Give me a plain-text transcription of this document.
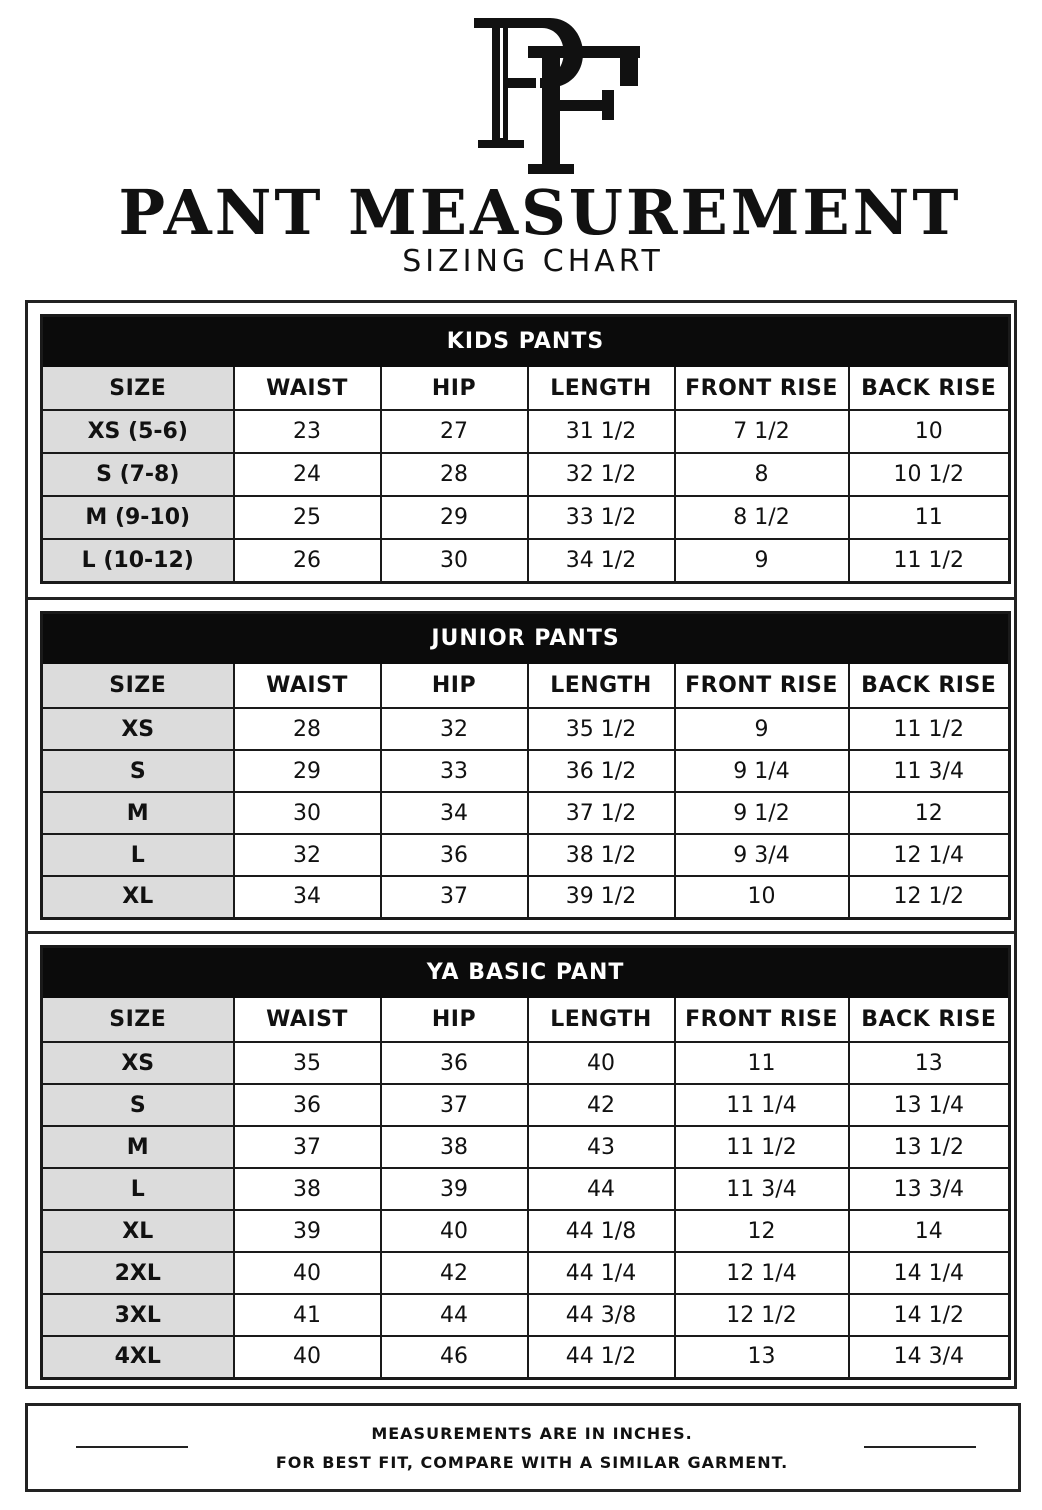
PANT MEASUREMENT
SIZING CHART
KIDS PANTS					
SIZE	WAIST	HIP	LENGTH	FRONT RISE	BACK RISE
XS (5-6)	23	27	31 1/2	7 1/2	10
S (7-8)	24	28	32 1/2	8	10 1/2
M (9-10)	25	29	33 1/2	8 1/2	11
L (10-12)	26	30	34 1/2	9	11 1/2
JUNIOR PANTS					
SIZE	WAIST	HIP	LENGTH	FRONT RISE	BACK RISE
XS	28	32	35 1/2	9	11 1/2
S	29	33	36 1/2	9 1/4	11 3/4
M	30	34	37 1/2	9 1/2	12
L	32	36	38 1/2	9 3/4	12 1/4
XL	34	37	39 1/2	10	12 1/2
YA BASIC PANT					
SIZE	WAIST	HIP	LENGTH	FRONT RISE	BACK RISE
XS	35	36	40	11	13
S	36	37	42	11 1/4	13 1/4
M	37	38	43	11 1/2	13 1/2
L	38	39	44	11 3/4	13 3/4
XL	39	40	44 1/8	12	14
2XL	40	42	44 1/4	12 1/4	14 1/4
3XL	41	44	44 3/8	12 1/2	14 1/2
4XL	40	46	44 1/2	13	14 3/4
MEASUREMENTS ARE IN INCHES.
FOR BEST FIT, COMPARE WITH A SIMILAR GARMENT.
